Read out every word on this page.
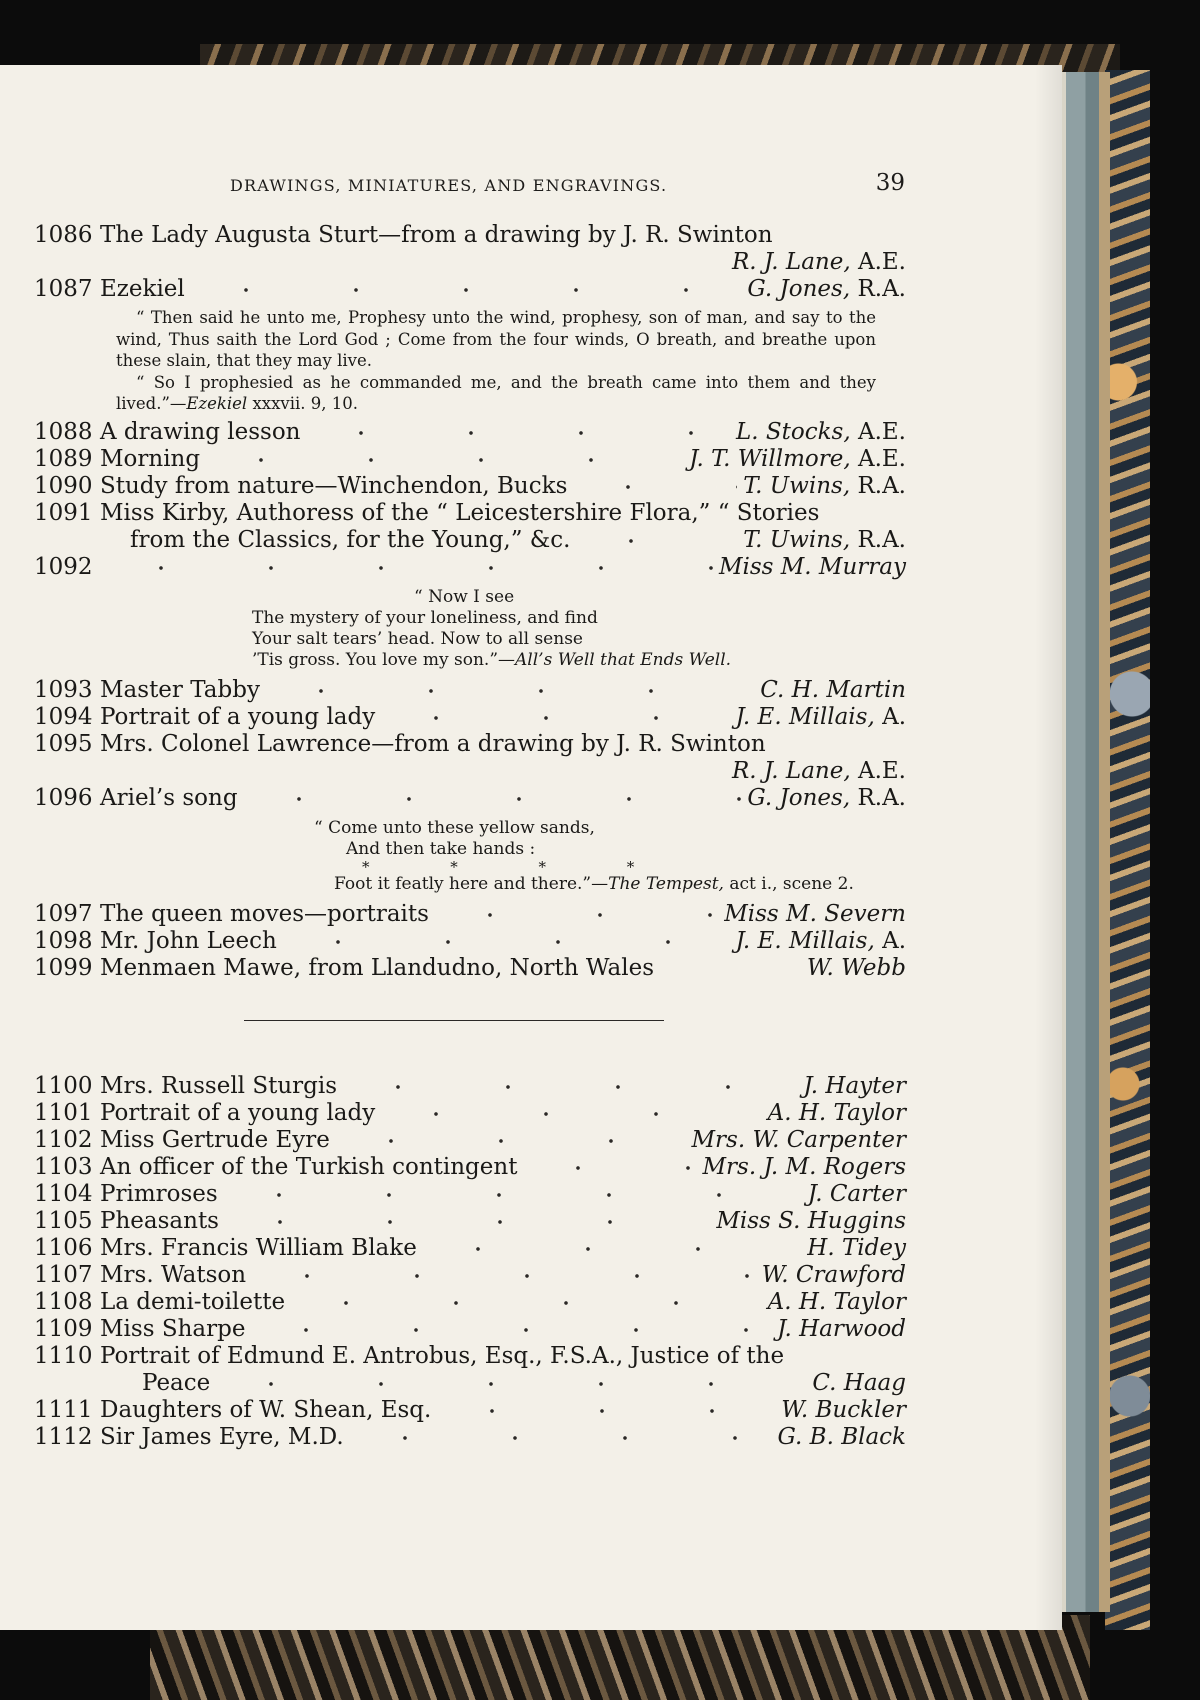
DRAWINGS, MINIATURES, AND ENGRAVINGS.	39
1086 The Lady Augusta Sturt—from a drawing by J. R. Swinton
R. J. Lane, A.E.
1087 Ezekiel	G. Jones, R.A.

“ Then said he unto me, Prophesy unto the wind, prophesy, son of man, and say to the wind, Thus saith the Lord God ; Come from the four winds, O breath, and breathe upon these slain, that they may live.

“ So I prophesied as he commanded me, and the breath came into them and they lived.”—Ezekiel xxxvii. 9, 10.

1088 A drawing lesson	L. Stocks, A.E.
1089 Morning	J. T. Willmore, A.E.
1090 Study from nature—Winchendon, Bucks	T. Uwins, R.A.
1091 Miss Kirby, Authoress of the “ Leicestershire Flora,” “ Stories
from the Classics, for the Young,” &c.	T. Uwins, R.A.
1092	Miss M. Murray
“ Now I see
The mystery of your loneliness, and find
Your salt tears’ head. Now to all sense
’Tis gross. You love my son.”—All’s Well that Ends Well.
1093 Master Tabby	C. H. Martin
1094 Portrait of a young lady	J. E. Millais, A.
1095 Mrs. Colonel Lawrence—from a drawing by J. R. Swinton
R. J. Lane, A.E.
1096 Ariel’s song	G. Jones, R.A.
“ Come unto these yellow sands,
And then take hands :
* * * *
Foot it featly here and there.”—The Tempest, act i., scene 2.
1097 The queen moves—portraits	Miss M. Severn
1098 Mr. John Leech	J. E. Millais, A.
1099 Menmaen Mawe, from Llandudno, North Wales	W. Webb
1100 Mrs. Russell Sturgis	J. Hayter
1101 Portrait of a young lady	A. H. Taylor
1102 Miss Gertrude Eyre	Mrs. W. Carpenter
1103 An officer of the Turkish contingent	Mrs. J. M. Rogers
1104 Primroses	J. Carter
1105 Pheasants	Miss S. Huggins
1106 Mrs. Francis William Blake	H. Tidey
1107 Mrs. Watson	W. Crawford
1108 La demi-toilette	A. H. Taylor
1109 Miss Sharpe	J. Harwood
1110 Portrait of Edmund E. Antrobus, Esq., F.S.A., Justice of the
Peace	C. Haag
1111 Daughters of W. Shean, Esq.	W. Buckler
1112 Sir James Eyre, M.D.	G. B. Black
